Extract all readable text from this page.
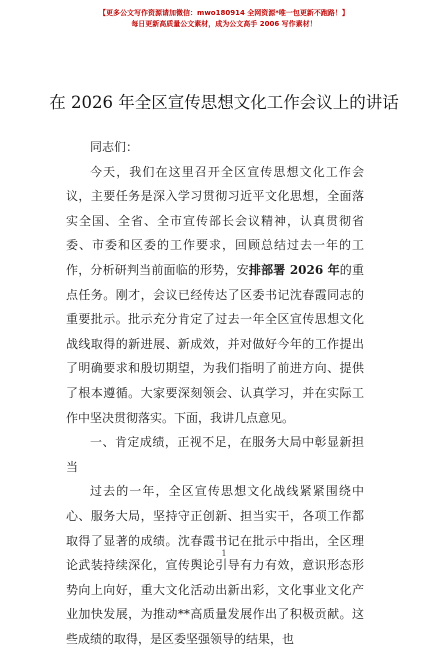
【更多公文写作资源请加微信：mwo180914 全网资源*唯一包更新不跑路！】
每日更新高质量公文素材，成为公文高手 2006 写作素材！
在 2026 年全区宣传思想文化工作会议上的讲话

同志们：

今天，我们在这里召开全区宣传思想文化工作会议，主要任务是深入学习贯彻习近平文化思想，全面落实全国、全省、全市宣传部长会议精神，认真贯彻省委、市委和区委的工作要求，回顾总结过去一年的工作，分析研判当前面临的形势，安排部署 2026 年的重点任务。刚才，会议已经传达了区委书记沈春霞同志的重要批示。批示充分肯定了过去一年全区宣传思想文化战线取得的新进展、新成效，并对做好今年的工作提出了明确要求和殷切期望，为我们指明了前进方向、提供了根本遵循。大家要深刻领会、认真学习，并在实际工作中坚决贯彻落实。下面，我讲几点意见。

一、肯定成绩，正视不足，在服务大局中彰显新担当

过去的一年，全区宣传思想文化战线紧紧围绕中心、服务大局，坚持守正创新、担当实干，各项工作都取得了显著的成绩。沈春霞书记在批示中指出，全区理论武装持续深化，宣传舆论引导有力有效，意识形态形势向上向好，重大文化活动出新出彩，文化事业文化产业加快发展，为推动**高质量发展作出了积极贡献。这些成绩的取得，是区委坚强领导的结果，也

1
